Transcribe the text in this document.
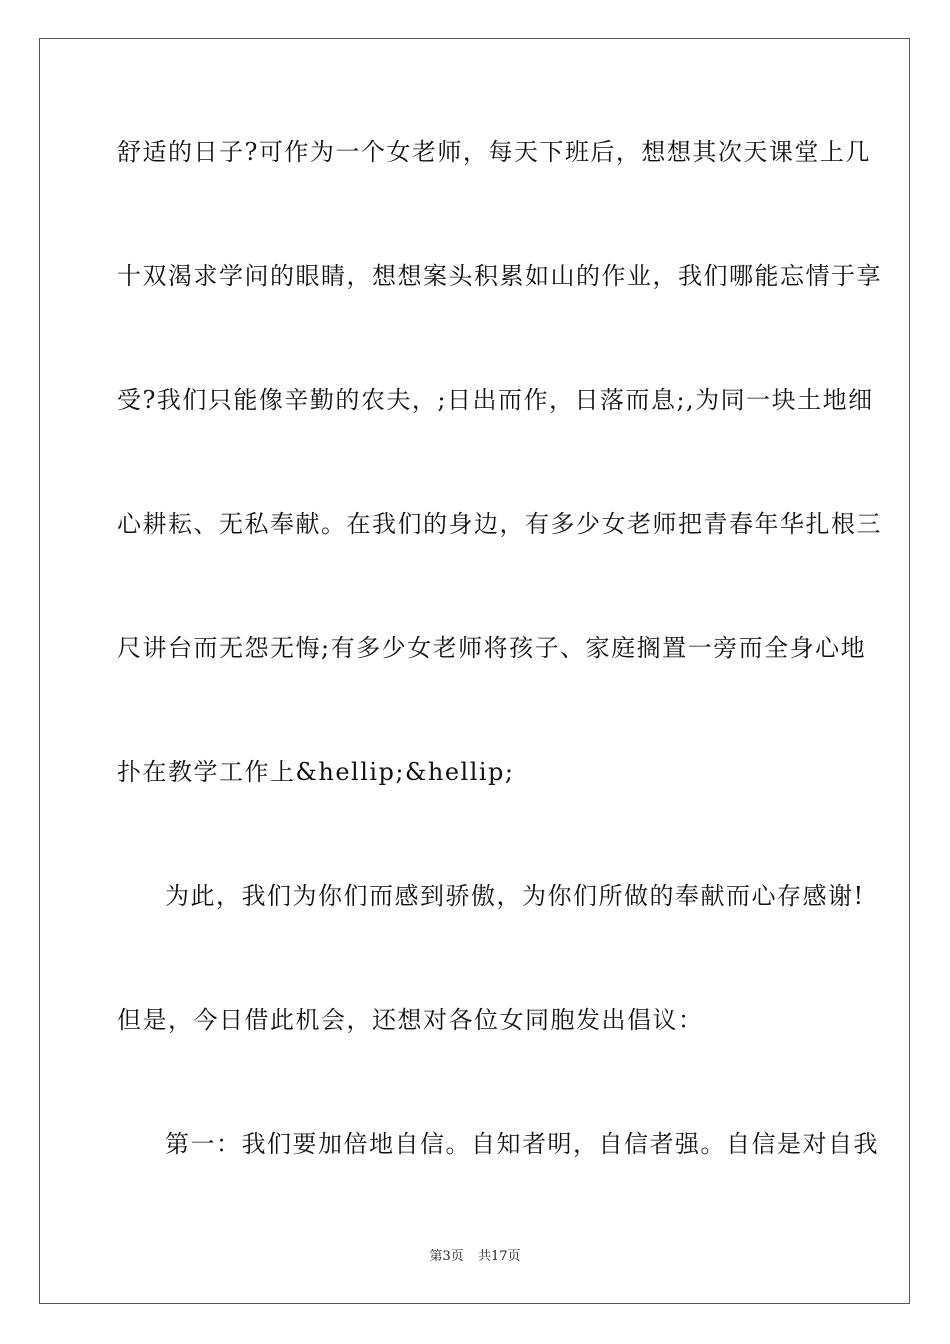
舒适的日子?可作为一个女老师，每天下班后，想想其次天课堂上几
十双渴求学问的眼睛，想想案头积累如山的作业，我们哪能忘情于享
受?我们只能像辛勤的农夫，;日出而作，日落而息;,为同一块土地细
心耕耘、无私奉献。在我们的身边，有多少女老师把青春年华扎根三
尺讲台而无怨无悔;有多少女老师将孩子、家庭搁置一旁而全身心地
扑在教学工作上&hellip;&hellip;
为此，我们为你们而感到骄傲，为你们所做的奉献而心存感谢!
但是，今日借此机会，还想对各位女同胞发出倡议：
第一：我们要加倍地自信。自知者明，自信者强。自信是对自我
第3页 共17页
